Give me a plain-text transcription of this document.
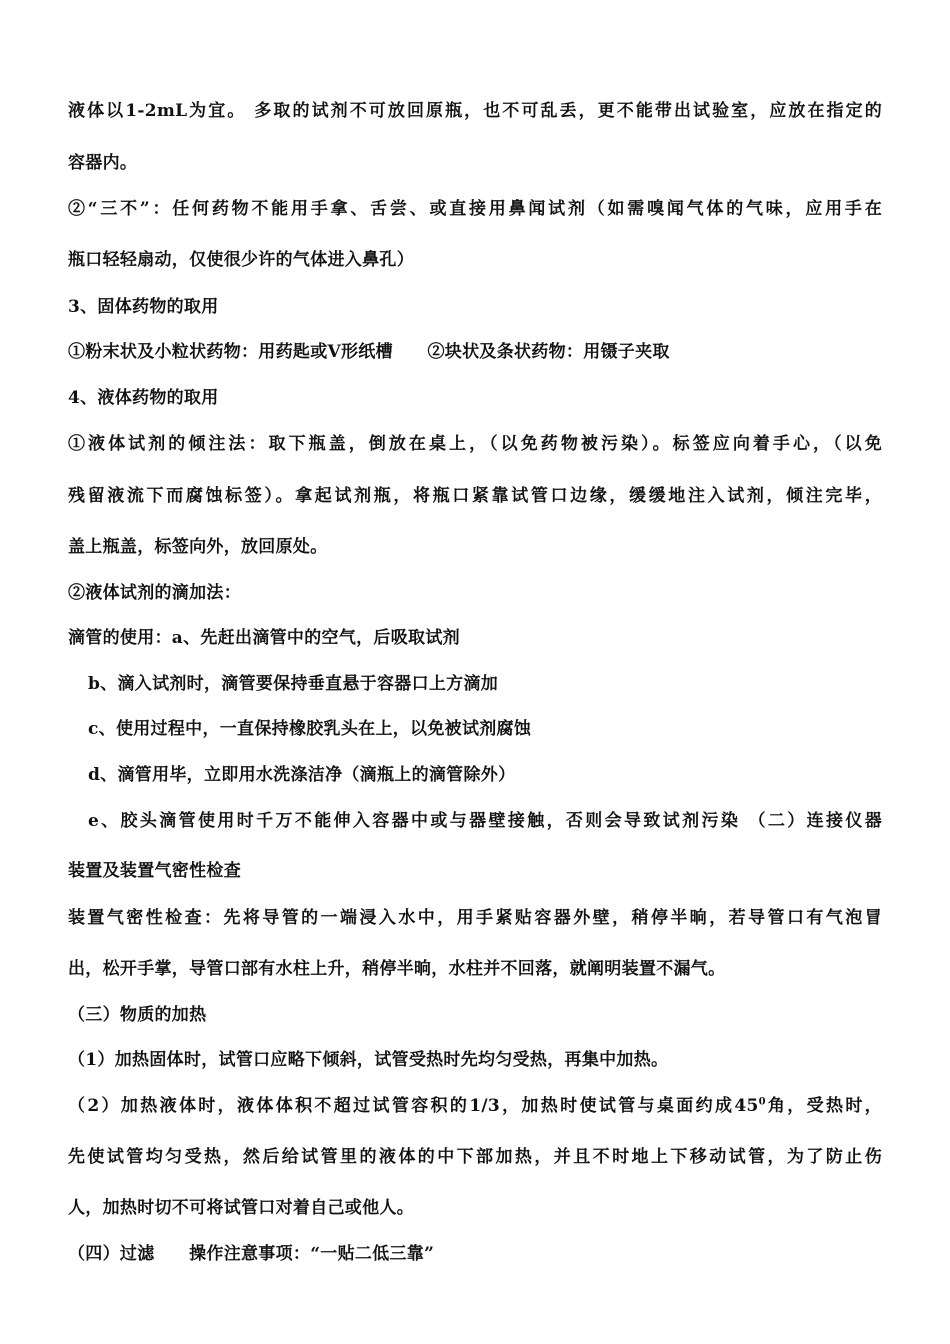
液体以1-2mL为宜。 多取的试剂不可放回原瓶，也不可乱丢，更不能带出试验室，应放在指定的
容器内。
②“三不”：任何药物不能用手拿、舌尝、或直接用鼻闻试剂（如需嗅闻气体的气味，应用手在
瓶口轻轻扇动，仅使很少许的气体进入鼻孔）
3、固体药物的取用
①粉末状及小粒状药物：用药匙或V形纸槽　　②块状及条状药物：用镊子夹取
4、液体药物的取用
①液体试剂的倾注法：取下瓶盖，倒放在桌上，（以免药物被污染）。标签应向着手心，（以免
残留液流下而腐蚀标签）。拿起试剂瓶，将瓶口紧靠试管口边缘，缓缓地注入试剂，倾注完毕，
盖上瓶盖，标签向外，放回原处。
②液体试剂的滴加法：
滴管的使用：a、先赶出滴管中的空气，后吸取试剂
b、滴入试剂时，滴管要保持垂直悬于容器口上方滴加
c、使用过程中，一直保持橡胶乳头在上，以免被试剂腐蚀
d、滴管用毕，立即用水洗涤洁净（滴瓶上的滴管除外）
e、胶头滴管使用时千万不能伸入容器中或与器壁接触，否则会导致试剂污染 （二）连接仪器
装置及装置气密性检查
装置气密性检查：先将导管的一端浸入水中，用手紧贴容器外壁，稍停半晌，若导管口有气泡冒
出，松开手掌，导管口部有水柱上升，稍停半晌，水柱并不回落，就阐明装置不漏气。
（三）物质的加热
（1）加热固体时，试管口应略下倾斜，试管受热时先均匀受热，再集中加热。
（2）加热液体时，液体体积不超过试管容积的1/3，加热时使试管与桌面约成$45^0$角，受热时，
先使试管均匀受热，然后给试管里的液体的中下部加热，并且不时地上下移动试管，为了防止伤
人，加热时切不可将试管口对着自己或他人。
（四）过滤　　操作注意事项：“一贴二低三靠”
